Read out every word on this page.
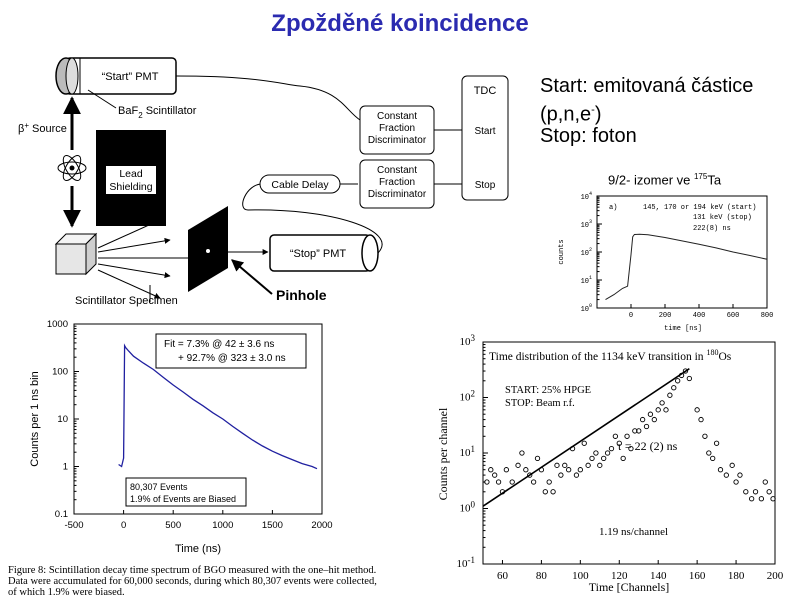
Zpožděné koincidence
Start: emitovaná částice
(p,n,e-)
Stop: foton
“Start” PMT
BaF$_2$ Scintillator
β+ Source
Lead
Shielding
Scintillator Specimen	Pinhole
“Stop” PMT
Cable Delay
Constant
Fraction
Discriminator
Constant
Fraction
Discriminator
TDC
Start
Stop	9/2- izomer ve $^{175}$Ta
0	200	400	600	800
$10^0$
$10^1$
$10^2$
$10^3$
$10^4$
a)	145, 170 or 194 keV (start)
131 keV (stop)
222(8) ns
time [ns]
counts
-500	0	500	1000	1500	2000
0.1
1
10
100
1000
Fit = 7.3% @ 42 ± 3.6 ns
+ 92.7% @ 323 ± 3.0 ns
80,307 Events
1.9% of Events are Biased
Time (ns)
Counts per 1 ns bin
Figure 8: Scintillation decay time spectrum of BGO measured with the one–hit method. Data were accumulated for 60,000 seconds, during which 80,307 events were collected, of which 1.9% were biased.
60	80 100 120 140 160 180 200
$10^{-1}$
$10^0$
$10^1$
$10^2$
$10^3$
Time distribution of the 1134 keV transition in $^{180}$Os
START: 25% HPGE
STOP: Beam r.f.
τ = 22 (2) ns
1.19 ns/channel
Time [Channels]
Counts per channel
